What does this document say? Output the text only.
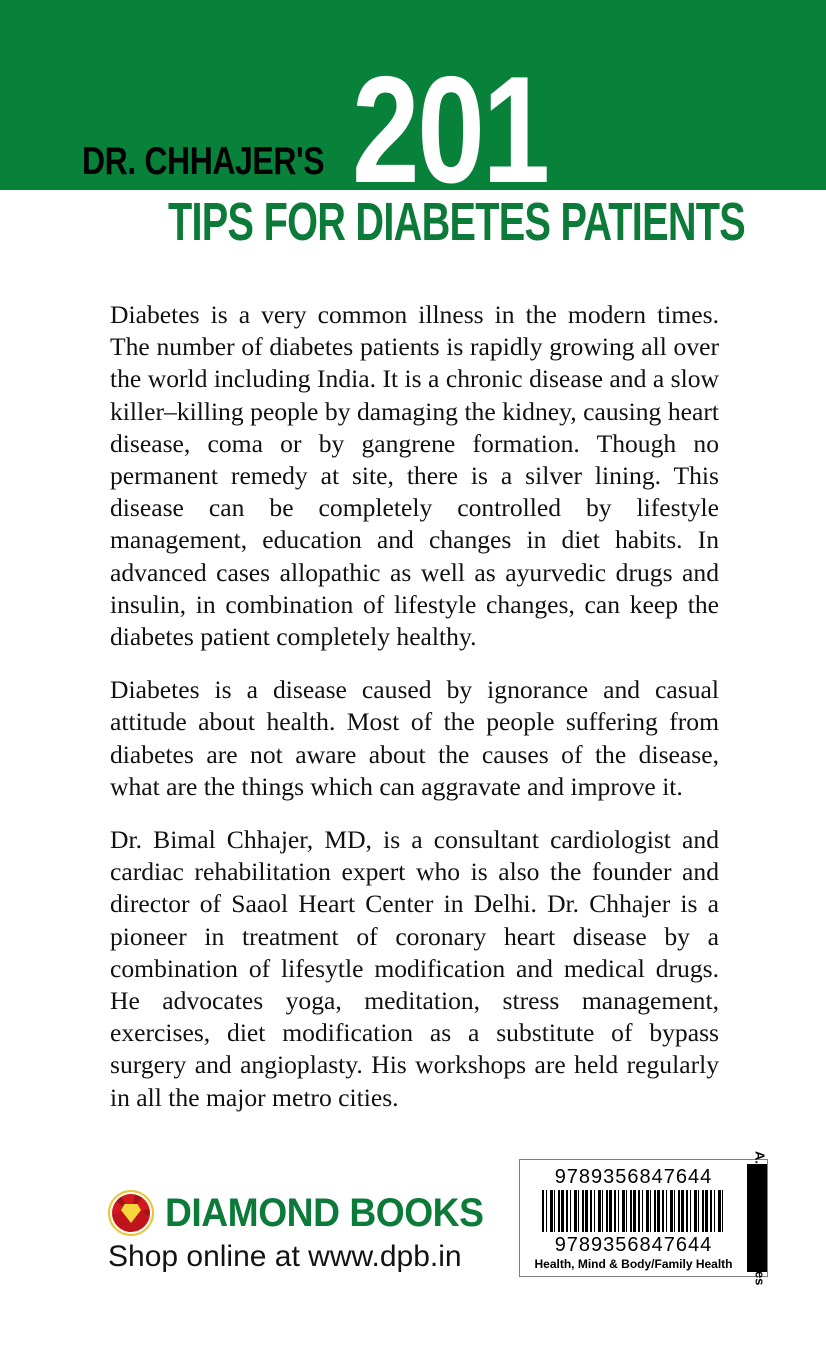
DR. CHHAJER'S 201
TIPS FOR DIABETES PATIENTS

Diabetes is a very common illness in the modern times. The number of diabetes patients is rapidly growing all over the world including India. It is a chronic disease and a slow killer–killing people by damaging the kidney, causing heart disease, coma or by gangrene formation. Though no permanent remedy at site, there is a silver lining. This disease can be completely controlled by lifestyle management, education and changes in diet habits. In advanced cases allopathic as well as ayurvedic drugs and insulin, in combination of lifestyle changes, can keep the diabetes patient completely healthy.

Diabetes is a disease caused by ignorance and casual attitude about health. Most of the people suffering from diabetes are not aware about the causes of the disease, what are the things which can aggravate and improve it.

Dr. Bimal Chhajer, MD, is a consultant cardiologist and cardiac rehabilitation expert who is also the founder and director of Saaol Heart Center in Delhi. Dr. Chhajer is a pioneer in treatment of coronary heart disease by a combination of lifesytle modification and medical drugs. He advocates yoga, meditation, stress management, exercises, diet modification as a substitute of bypass surgery and angioplasty. His workshops are held regularly in all the major metro cities.

DIAMOND BOOKS
Shop online at www.dpb.in
9789356847644
9789356847644
Health, Mind & Body/Family Health A.H.W. Sameer Series
